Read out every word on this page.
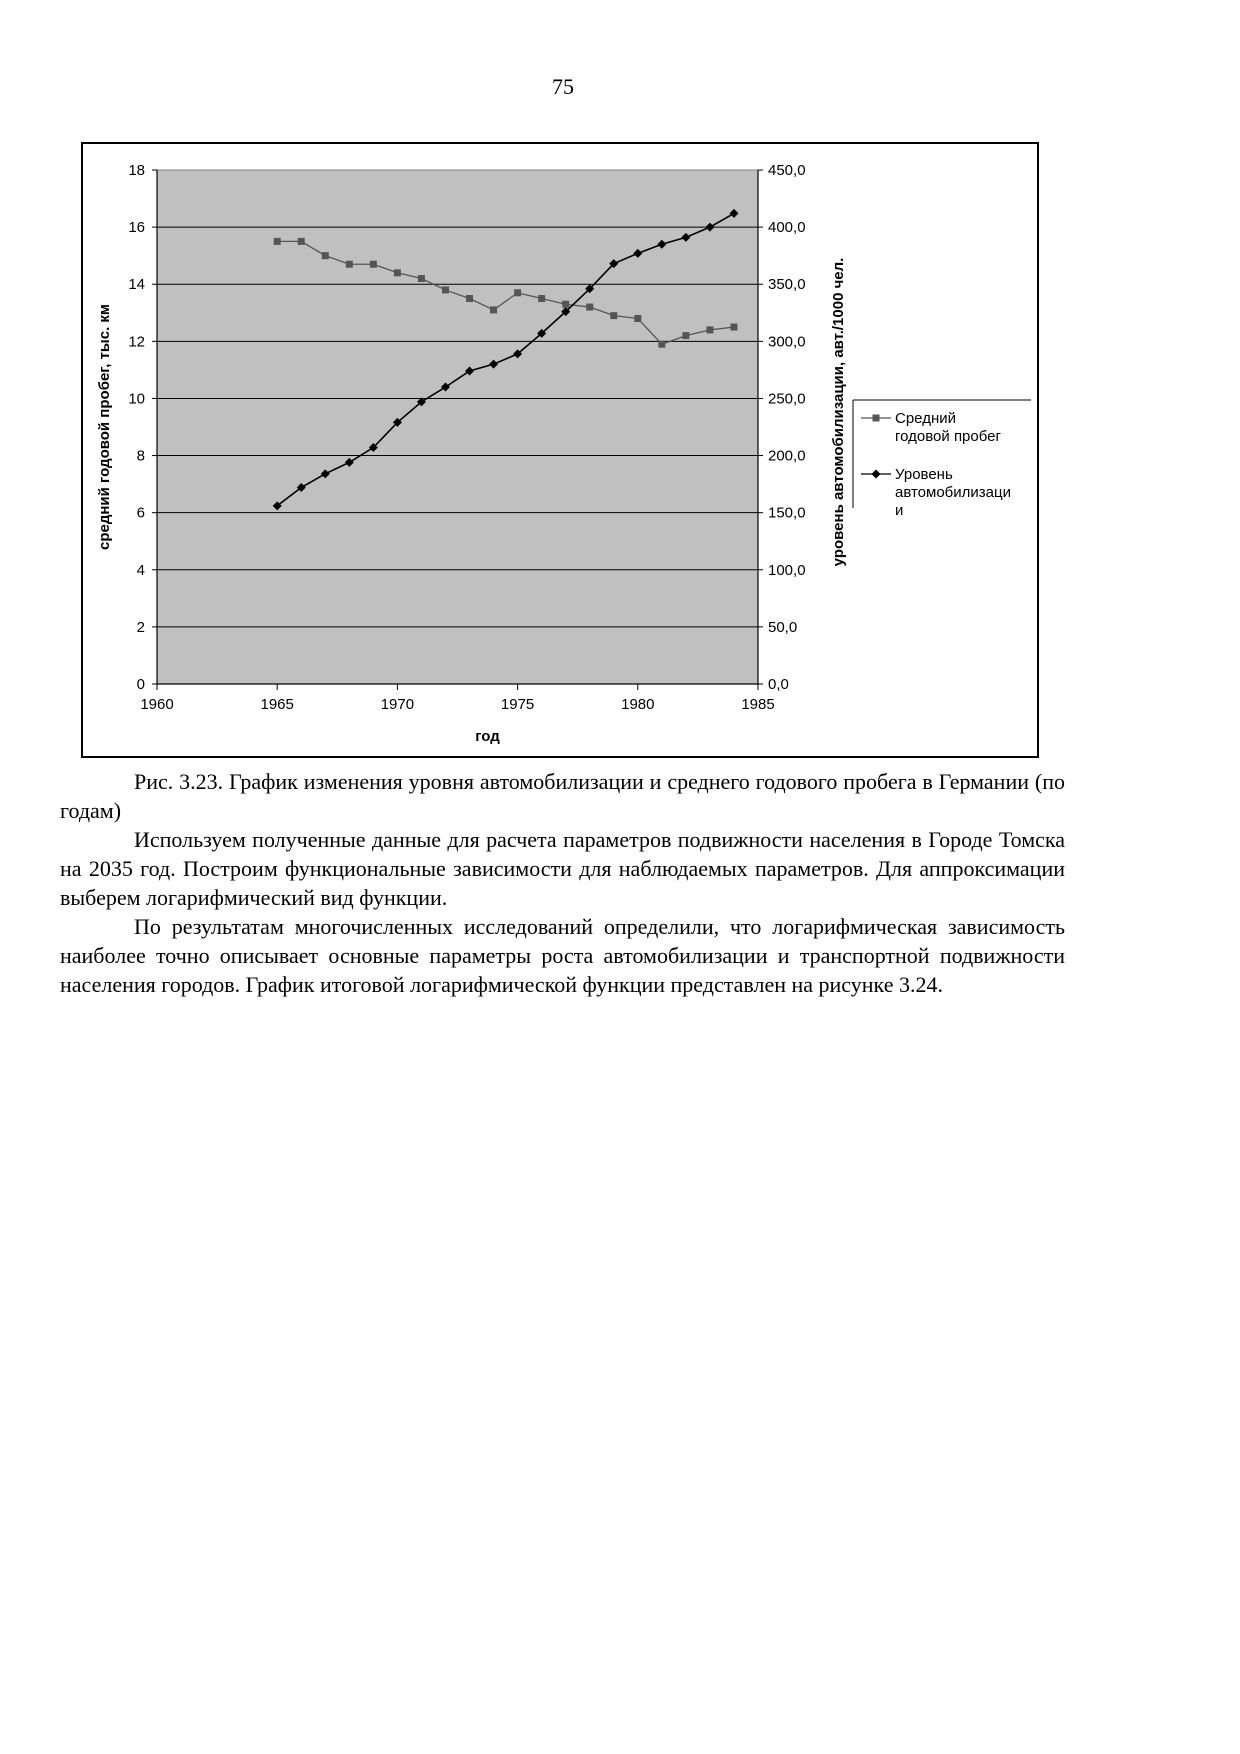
75
0
2
4
6
8
10
12
14
16
18
0,0
50,0
100,0
150,0
200,0
250,0
300,0
350,0
400,0
450,0
1960	1965	1970	1975	1980	1985
год
средний годовой пробег, тыс. км	уровень автомобилизации, авт./1000 чел.	Средний
годовой пробег
Уровень
автомобилизаци
и

Рис. 3.23. График изменения уровня автомобилизации и среднего годового пробега в Германии (по годам)

Используем полученные данные для расчета параметров подвижности населения в Городе Томска на 2035 год. Построим функциональные зависимости для наблюдаемых параметров. Для аппроксимации выберем логарифмический вид функции.

По результатам многочисленных исследований определили, что логарифмическая зависимость наиболее точно описывает основные параметры роста автомобилизации и транспортной подвижности населения городов. График итоговой логарифмической функции представлен на рисунке 3.24.
